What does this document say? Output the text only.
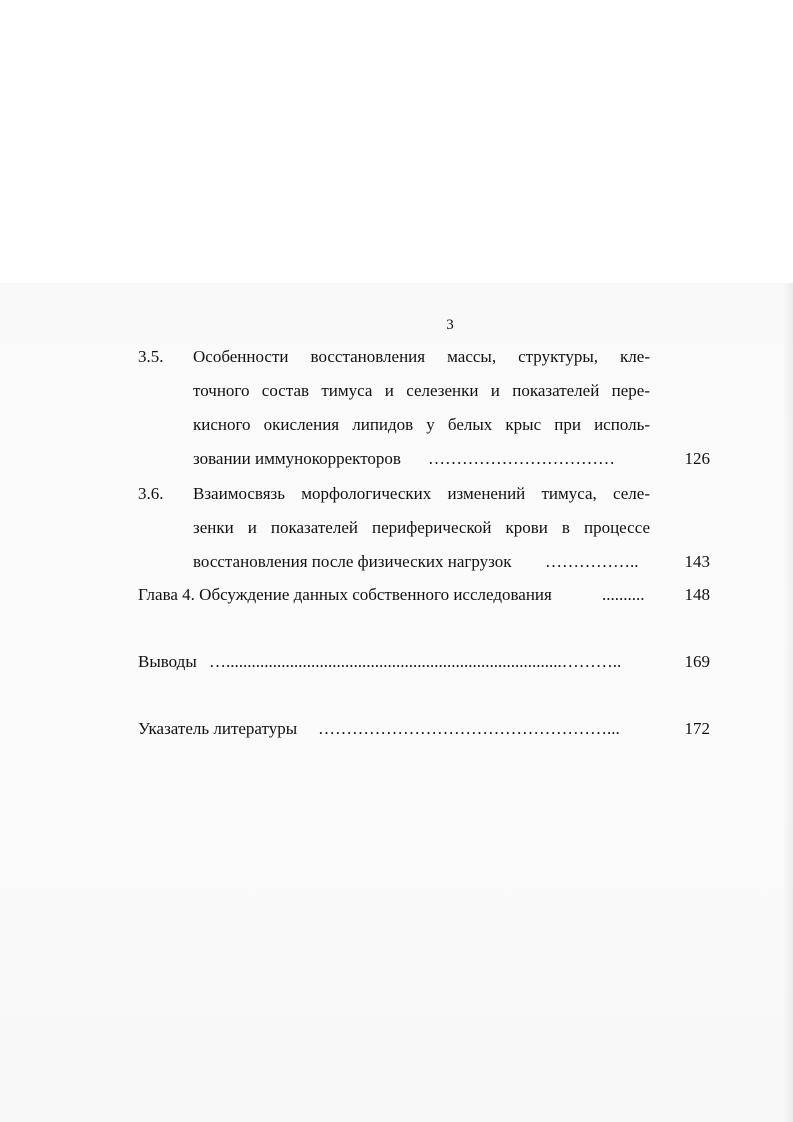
3
3.5. Особенности восстановления массы, структуры, кле-
точного состав тимуса и селезенки и показателей пере-
кисного окисления липидов у белых крыс при исполь-
зовании иммунокорректоров ……………………………	126
3.6. Взаимосвязь морфологических изменений тимуса, селе-
зенки и показателей периферической крови в процессе
восстановления после физических нагрузок ……………..	143
Глава 4. Обсуждение данных собственного исследования	..........	148
Выводы …...............................................................................………..	169
Указатель литературы ……………………………………………...	172
